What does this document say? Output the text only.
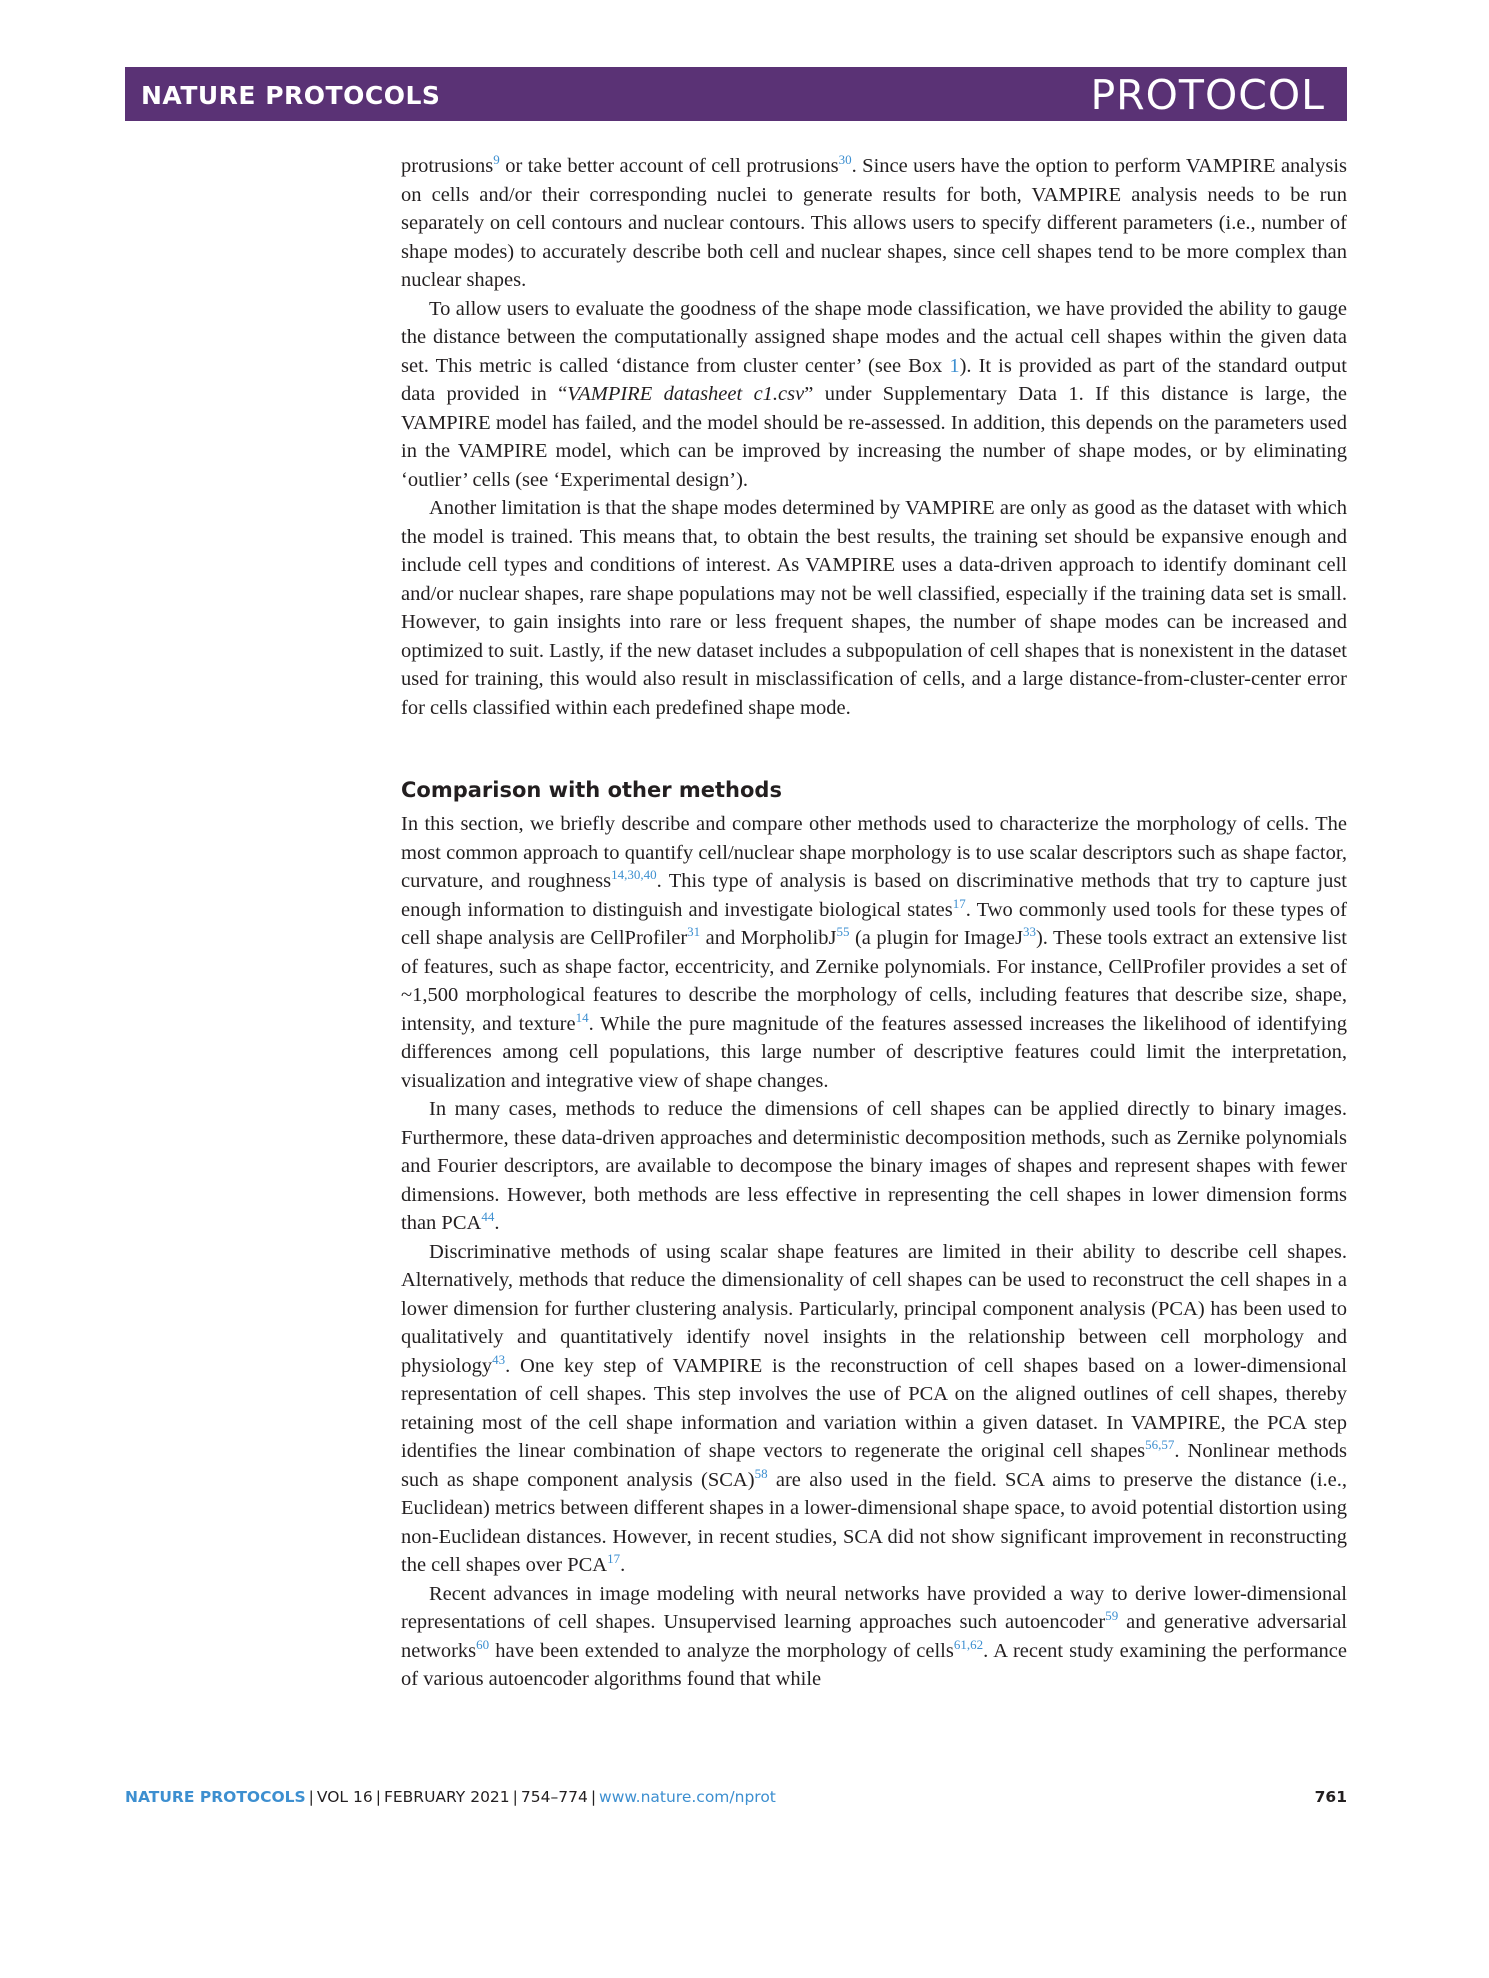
NATURE PROTOCOLS	PROTOCOL

protrusions$^9$ or take better account of cell protrusions$^{30}$. Since users have the option to perform VAMPIRE analysis on cells and/or their corresponding nuclei to generate results for both, VAMPIRE analysis needs to be run separately on cell contours and nuclear contours. This allows users to specify different parameters (i.e., number of shape modes) to accurately describe both cell and nuclear shapes, since cell shapes tend to be more complex than nuclear shapes.

To allow users to evaluate the goodness of the shape mode classification, we have provided the ability to gauge the distance between the computationally assigned shape modes and the actual cell shapes within the given data set. This metric is called ‘distance from cluster center’ (see Box 1). It is provided as part of the standard output data provided in “VAMPIRE datasheet c1.csv” under Supplementary Data 1. If this distance is large, the VAMPIRE model has failed, and the model should be re-assessed. In addition, this depends on the parameters used in the VAMPIRE model, which can be improved by increasing the number of shape modes, or by eliminating ‘outlier’ cells (see ‘Experimental design’).

Another limitation is that the shape modes determined by VAMPIRE are only as good as the dataset with which the model is trained. This means that, to obtain the best results, the training set should be expansive enough and include cell types and conditions of interest. As VAMPIRE uses a data-driven approach to identify dominant cell and/or nuclear shapes, rare shape populations may not be well classified, especially if the training data set is small. However, to gain insights into rare or less frequent shapes, the number of shape modes can be increased and optimized to suit. Lastly, if the new dataset includes a subpopulation of cell shapes that is nonexistent in the dataset used for training, this would also result in misclassification of cells, and a large distance-from-cluster-center error for cells classified within each predefined shape mode.

Comparison with other methods

In this section, we briefly describe and compare other methods used to characterize the morphology of cells. The most common approach to quantify cell/nuclear shape morphology is to use scalar descriptors such as shape factor, curvature, and roughness$^{14,30,40}$. This type of analysis is based on discriminative methods that try to capture just enough information to distinguish and investigate biological states$^{17}$. Two commonly used tools for these types of cell shape analysis are CellProfiler$^{31}$ and MorpholibJ$^{55}$ (a plugin for ImageJ$^{33}$). These tools extract an extensive list of features, such as shape factor, eccentricity, and Zernike polynomials. For instance, CellProfiler provides a set of ~1,500 morphological features to describe the morphology of cells, including features that describe size, shape, intensity, and texture$^{14}$. While the pure magnitude of the features assessed increases the likelihood of identifying differences among cell populations, this large number of descriptive features could limit the interpretation, visualization and integrative view of shape changes.

In many cases, methods to reduce the dimensions of cell shapes can be applied directly to binary images. Furthermore, these data-driven approaches and deterministic decomposition methods, such as Zernike polynomials and Fourier descriptors, are available to decompose the binary images of shapes and represent shapes with fewer dimensions. However, both methods are less effective in representing the cell shapes in lower dimension forms than PCA$^{44}$.

Discriminative methods of using scalar shape features are limited in their ability to describe cell shapes. Alternatively, methods that reduce the dimensionality of cell shapes can be used to reconstruct the cell shapes in a lower dimension for further clustering analysis. Particularly, principal component analysis (PCA) has been used to qualitatively and quantitatively identify novel insights in the relationship between cell morphology and physiology$^{43}$. One key step of VAMPIRE is the reconstruction of cell shapes based on a lower-dimensional representation of cell shapes. This step involves the use of PCA on the aligned outlines of cell shapes, thereby retaining most of the cell shape information and variation within a given dataset. In VAMPIRE, the PCA step identifies the linear combination of shape vectors to regenerate the original cell shapes$^{56,57}$. Nonlinear methods such as shape component analysis (SCA)$^{58}$ are also used in the field. SCA aims to preserve the distance (i.e., Euclidean) metrics between different shapes in a lower-dimensional shape space, to avoid potential distortion using non-Euclidean distances. However, in recent studies, SCA did not show significant improvement in reconstructing the cell shapes over PCA$^{17}$.

Recent advances in image modeling with neural networks have provided a way to derive lower-dimensional representations of cell shapes. Unsupervised learning approaches such autoencoder$^{59}$ and generative adversarial networks$^{60}$ have been extended to analyze the morphology of cells$^{61,62}$. A recent study examining the performance of various autoencoder algorithms found that while

NATURE PROTOCOLS | VOL 16 | FEBRUARY 2021 | 754–774 | www.nature.com/nprot	761
